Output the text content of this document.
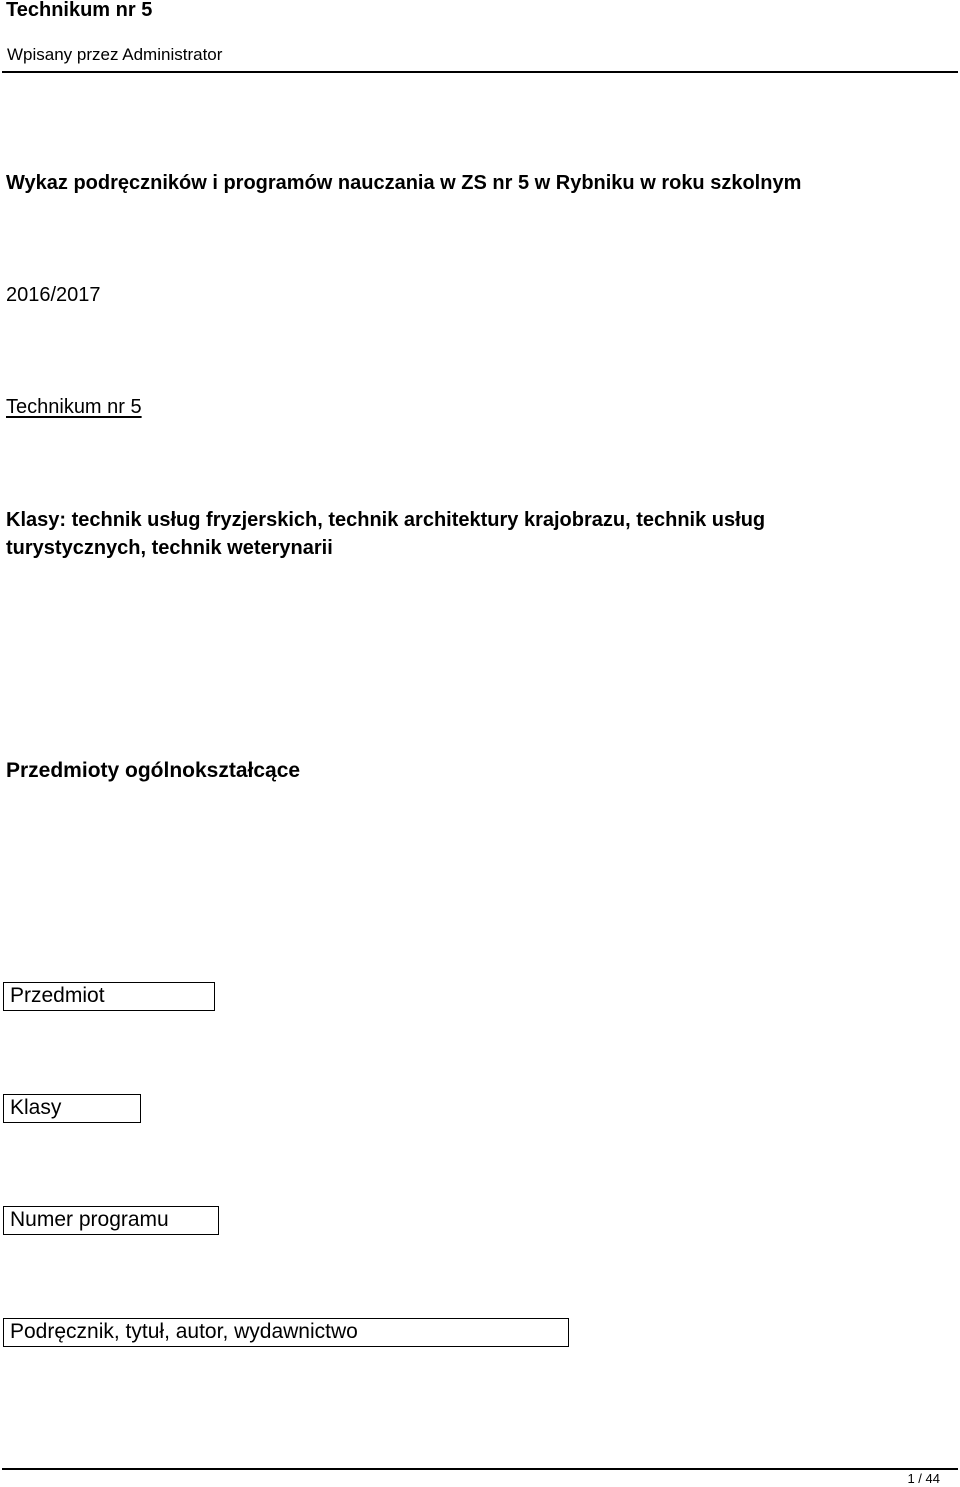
Technikum nr 5
Wpisany przez Administrator
Wykaz podręczników i programów nauczania w ZS nr 5 w Rybniku w roku szkolnym
2016/2017
Technikum nr 5
Klasy: technik usług fryzjerskich, technik architektury krajobrazu, technik usług turystycznych, technik weterynarii
Przedmioty ogólnokształcące
Przedmiot
Klasy
Numer programu
Podręcznik, tytuł, autor, wydawnictwo
1 / 44
